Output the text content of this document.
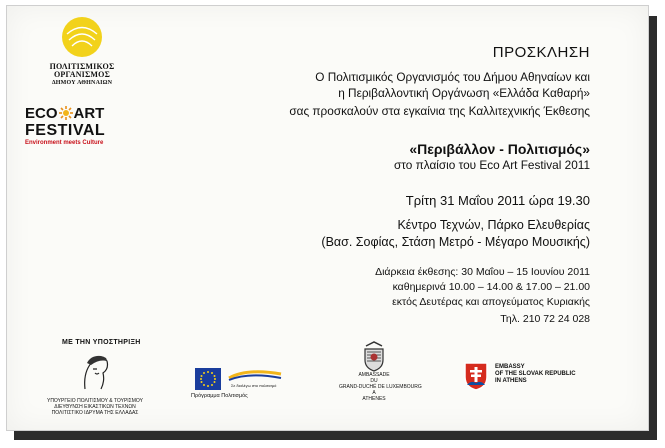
ΠΟΛΙΤΙΣΜΙΚΟΣ
ΟΡΓΑΝΙΣΜΟΣ
ΔΗΜΟΥ ΑΘΗΝΑΙΩΝ
ECO ART
FESTIVAL
Environment meets Culture
ΠΡΟΣΚΛΗΣΗ
Ο Πολιτισμικός Οργανισμός του Δήμου Αθηναίων και
η Περιβαλλοντική Οργάνωση «Ελλάδα Καθαρή»
σας προσκαλούν στα εγκαίνια της Καλλιτεχνικής Έκθεσης
«Περιβάλλον - Πολιτισμός»
στο πλαίσιο του Eco Art Festival 2011
Τρίτη 31 Μαΐου 2011 ώρα 19.30
Κέντρο Τεχνών, Πάρκο Ελευθερίας
(Βασ. Σοφίας, Στάση Μετρό - Μέγαρο Μουσικής)
Διάρκεια έκθεσης: 30 Μαΐου – 15 Ιουνίου 2011
καθημερινά 10.00 – 14.00 & 17.00 – 21.00
εκτός Δευτέρας και απογεύματος Κυριακής
Τηλ. 210 72 24 028
ΜΕ ΤΗΝ ΥΠΟΣΤΗΡΙΞΗ
ΥΠΟΥΡΓΕΙΟ ΠΟΛΙΤΙΣΜΟΥ & ΤΟΥΡΙΣΜΟΥ
ΔΙΕΥΘΥΝΣΗ ΕΙΚΑΣΤΙΚΩΝ ΤΕΧΝΩΝ
ΠΟΛΙΤΙΣΤΙΚΟ ΙΔΡΥΜΑ ΤΗΣ ΕΛΛΑΔΑΣ
Σε διαλέγω στο πολιτισμό
Πρόγραμμα Πολιτισμός
AMBASSADE
DU
GRAND-DUCHÉ DE LUXEMBOURG
A
ATHENES
EMBASSY
OF THE SLOVAK REPUBLIC
IN ATHENS
